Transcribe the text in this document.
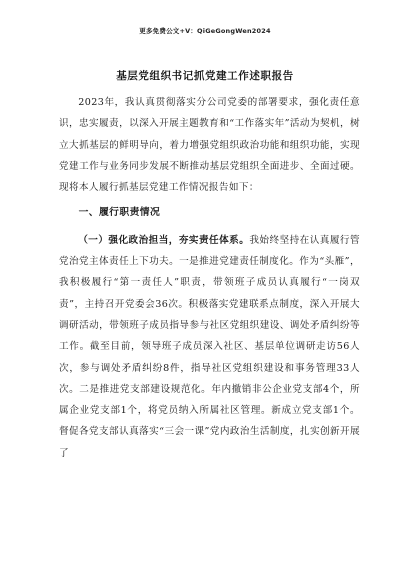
更多免费公文+V：QiGeGongWen2024
基层党组织书记抓党建工作述职报告

2023年，我认真贯彻落实分公司党委的部署要求，强化责任意识，忠实履责，以深入开展主题教育和“工作落实年”活动为契机，树立大抓基层的鲜明导向，着力增强党组织政治功能和组织功能，实现党建工作与业务同步发展不断推动基层党组织全面进步、全面过硬。现将本人履行抓基层党建工作情况报告如下：

一、履行职责情况

（一）强化政治担当，夯实责任体系。我始终坚持在认真履行管党治党主体责任上下功夫。一是推进党建责任制度化。作为“头雁”，我积极履行“第一责任人”职责，带领班子成员认真履行“一岗双责”，主持召开党委会36次。积极落实党建联系点制度，深入开展大调研活动，带领班子成员指导参与社区党组织建设、调处矛盾纠纷等工作。截至目前，领导班子成员深入社区、基层单位调研走访56人次，参与调处矛盾纠纷8件，指导社区党组织建设和事务管理33人次。二是推进党支部建设规范化。年内撤销非公企业党支部4个，所属企业党支部1个，将党员纳入所属社区管理。新成立党支部1个。督促各党支部认真落实“三会一课”党内政治生活制度，扎实创新开展了
